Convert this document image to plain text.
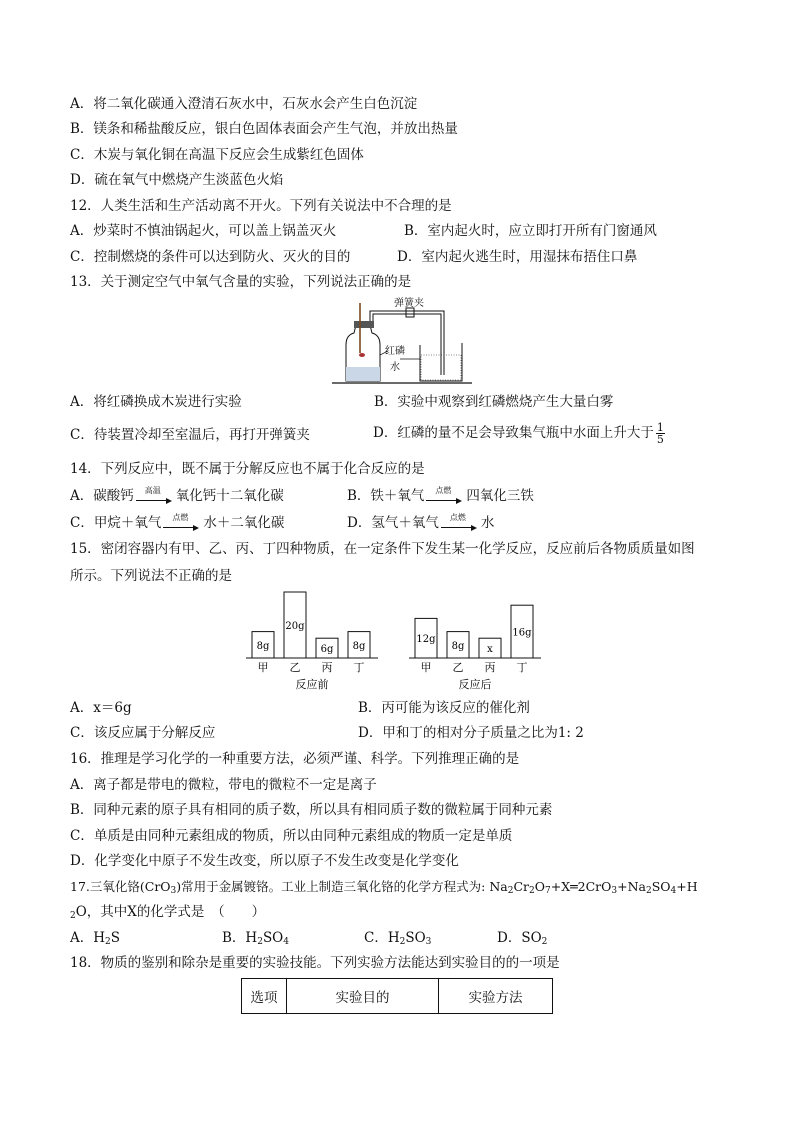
A．将二氧化碳通入澄清石灰水中，石灰水会产生白色沉淀
B．镁条和稀盐酸反应，银白色固体表面会产生气泡，并放出热量
C．木炭与氧化铜在高温下反应会生成紫红色固体
D．硫在氧气中燃烧产生淡蓝色火焰
12．人类生活和生产活动离不开火。下列有关说法中不合理的是
A．炒菜时不慎油锅起火，可以盖上锅盖灭火	B．室内起火时，应立即打开所有门窗通风
C．控制燃烧的条件可以达到防火、灭火的目的	D．室内起火逃生时，用湿抹布捂住口鼻
13．关于测定空气中氧气含量的实验，下列说法正确的是
弹簧夹
红磷
水
A．将红磷换成木炭进行实验	B．实验中观察到红磷燃烧产生大量白雾
C．待装置冷却至室温后，再打开弹簧夹	D．红磷的量不足会导致集气瓶中水面上升大于 $\frac{1}{5}$
14．下列反应中，既不属于分解反应也不属于化合反应的是
A．碳酸钙	高温	氧化钙十二氧化碳	B．铁＋氧气	点燃	四氧化三铁
C．甲烷＋氧气	点燃	水＋二氧化碳	D．氢气＋氧气	点燃	水
15．密闭容器内有甲、乙、丙、丁四种物质，在一定条件下发生某一化学反应，反应前后各物质质量如图
所示。下列说法不正确的是
8g
甲
20g
乙
6g
丙
8g
丁
反应前
12g
甲
8g
乙
x
丙
16g
丁
反应后
A．x＝6g	B．丙可能为该反应的催化剂
C．该反应属于分解反应	D．甲和丁的相对分子质量之比为1: 2
16．推理是学习化学的一种重要方法，必须严谨、科学。下列推理正确的是
A．离子都是带电的微粒，带电的微粒不一定是离子
B．同种元素的原子具有相同的质子数，所以具有相同质子数的微粒属于同种元素
C．单质是由同种元素组成的物质，所以由同种元素组成的物质一定是单质
D．化学变化中原子不发生改变，所以原子不发生改变是化学变化
17.三氧化铬(CrO$_3$)常用于金属镀铬。工业上制造三氧化铬的化学方程式为: $Na_2Cr_2O_7+X═2CrO_3+Na_2SO_4+H$
$_2$O，其中X的化学式是　（　　）
A．$H_2S$	B．$H_2SO_4$	C．$H_2SO_3$	D．$SO_2$
18．物质的鉴别和除杂是重要的实验技能。下列实验方法能达到实验目的的一项是
选项	实验目的	实验方法
